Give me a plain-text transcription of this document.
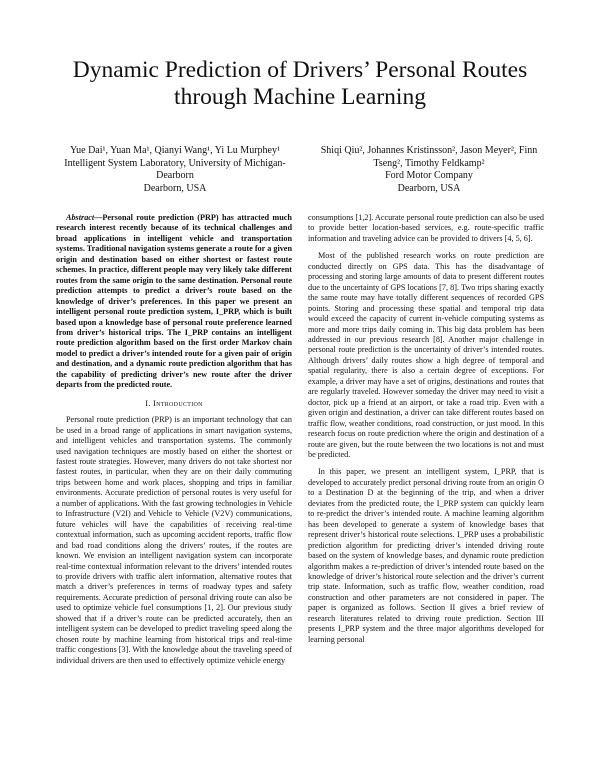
Dynamic Prediction of Drivers’ Personal Routes
through Machine Learning
Yue Dai¹, Yuan Ma¹, Qianyi Wang¹, Yi Lu Murphey¹
Intelligent System Laboratory, University of Michigan-
Dearborn
Dearborn, USA
Shiqi Qiu², Johannes Kristinsson², Jason Meyer², Finn
Tseng², Timothy Feldkamp²
Ford Motor Company
Dearborn, USA

Abstract—Personal route prediction (PRP) has attracted much research interest recently because of its technical challenges and broad applications in intelligent vehicle and transportation systems. Traditional navigation systems generate a route for a given origin and destination based on either shortest or fastest route schemes. In practice, different people may very likely take different routes from the same origin to the same destination. Personal route prediction attempts to predict a driver’s route based on the knowledge of driver’s preferences. In this paper we present an intelligent personal route prediction system, I_PRP, which is built based upon a knowledge base of personal route preference learned from driver’s historical trips. The I_PRP contains an intelligent route prediction algorithm based on the first order Markov chain model to predict a driver’s intended route for a given pair of origin and destination, and a dynamic route prediction algorithm that has the capability of predicting driver’s new route after the driver departs from the predicted route.

I. Introduction

Personal route prediction (PRP) is an important technology that can be used in a broad range of applications in smart navigation systems, and intelligent vehicles and transportation systems. The commonly used navigation techniques are mostly based on either the shortest or fastest route strategies. However, many drivers do not take shortest nor fastest routes, in particular, when they are on their daily commuting trips between home and work places, shopping and trips in familiar environments. Accurate prediction of personal routes is very useful for a number of applications. With the fast growing technologies in Vehicle to Infrastructure (V2I) and Vehicle to Vehicle (V2V) communications, future vehicles will have the capabilities of receiving real-time contextual information, such as upcoming accident reports, traffic flow and bad road conditions along the drivers’ routes, if the routes are known. We envision an intelligent navigation system can incorporate real-time contextual information relevant to the drivers’ intended routes to provide drivers with traffic alert information, alternative routes that match a driver’s preferences in terms of roadway types and safety requirements. Accurate prediction of personal driving route can also be used to optimize vehicle fuel consumptions [1, 2]. Our previous study showed that if a driver’s route can be predicted accurately, then an intelligent system can be developed to predict traveling speed along the chosen route by machine learning from historical trips and real-time traffic congestions [3]. With the knowledge about the traveling speed of individual drivers are then used to effectively optimize vehicle energy

consumptions [1,2]. Accurate personal route prediction can also be used to provide better location-based services, e.g. route-specific traffic information and traveling advice can be provided to drivers [4, 5, 6].

Most of the published research works on route prediction are conducted directly on GPS data. This has the disadvantage of processing and storing large amounts of data to present different routes due to the uncertainty of GPS locations [7, 8]. Two trips sharing exactly the same route may have totally different sequences of recorded GPS points. Storing and processing these spatial and temporal trip data would exceed the capacity of current in-vehicle computing systems as more and more trips daily coming in. This big data problem has been addressed in our previous research [8]. Another major challenge in personal route prediction is the uncertainty of driver’s intended routes. Although drivers’ daily routes show a high degree of temporal and spatial regularity, there is also a certain degree of exceptions. For example, a driver may have a set of origins, destinations and routes that are regularly traveled. However someday the driver may need to visit a doctor, pick up a friend at an airport, or take a road trip. Even with a given origin and destination, a driver can take different routes based on traffic flow, weather conditions, road construction, or just mood. In this research focus on route prediction where the origin and destination of a route are given, but the route between the two locations is not and must be predicted.

In this paper, we present an intelligent system, I_PRP, that is developed to accurately predict personal driving route from an origin O to a Destination D at the beginning of the trip, and when a driver deviates from the predicted route, the I_PRP system can quickly learn to re-predict the driver’s intended route. A machine learning algorithm has been developed to generate a system of knowledge bases that represent driver’s historical route selections. I_PRP uses a probabilistic prediction algorithm for predicting driver’s intended driving route based on the system of knowledge bases, and dynamic route prediction algorithm makes a re-prediction of driver’s intended route based on the knowledge of driver’s historical route selection and the driver’s current trip state. Information, such as traffic flow, weather condition, road construction and other parameters are not considered in paper. The paper is organized as follows. Section II gives a brief review of research literatures related to driving route prediction. Section III presents I_PRP system and the three major algorithms developed for learning personal
